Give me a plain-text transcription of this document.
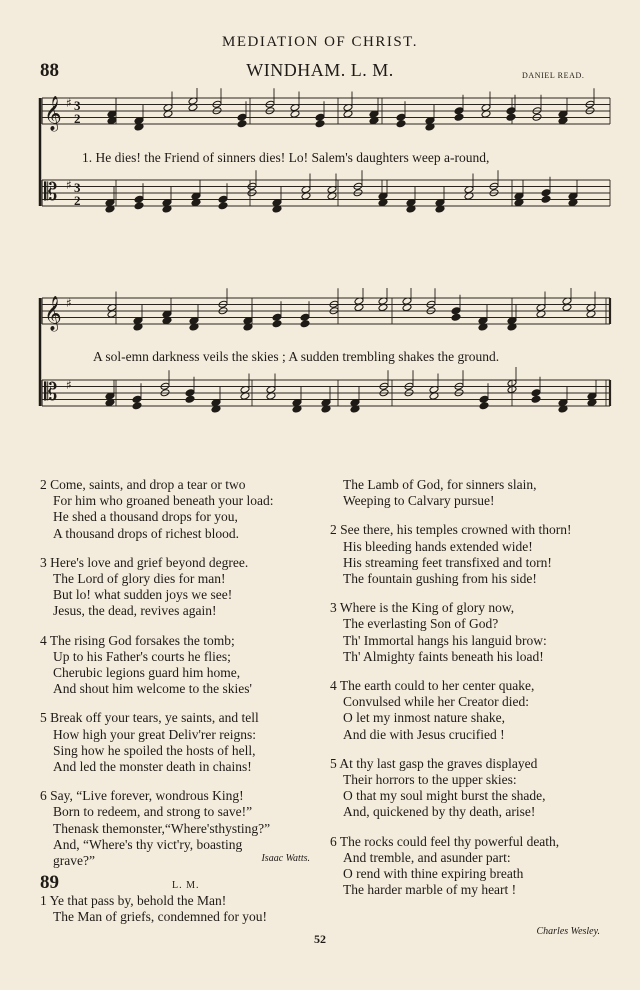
MEDIATION OF CHRIST.
88	WINDHAM. L. M.	DANIEL READ.
𝄞 ♯ 3
2
𝄡 ♯ 3
2
1. He dies! the Friend of sinners dies! Lo! Salem's daughters weep a-round,
𝄞 ♯
𝄡 ♯
A sol-emn darkness veils the skies ; A sudden trembling shakes the ground.
2 Come, saints, and drop a tear or two
For him who groaned beneath your load:
He shed a thousand drops for you,
A thousand drops of richest blood.
3 Here's love and grief beyond degree.
The Lord of glory dies for man!
But lo! what sudden joys we see!
Jesus, the dead, revives again!
4 The rising God forsakes the tomb;
Up to his Father's courts he flies;
Cherubic legions guard him home,
And shout him welcome to the skies'
5 Break off your tears, ye saints, and tell
How high your great Deliv'rer reigns:
Sing how he spoiled the hosts of hell,
And led the monster death in chains!
6 Say, “Live forever, wondrous King!
Born to redeem, and strong to save!”
Thenask themonster,“Where'sthysting?”
And, “Where's thy vict'ry, boasting
grave?”	Isaac Watts.
89	L. M.
1 Ye that pass by, behold the Man!
The Man of griefs, condemned for you!
The Lamb of God, for sinners slain,
Weeping to Calvary pursue!
2 See there, his temples crowned with thorn!
His bleeding hands extended wide!
His streaming feet transfixed and torn!
The fountain gushing from his side!
3 Where is the King of glory now,
The everlasting Son of God?
Th' Immortal hangs his languid brow:
Th' Almighty faints beneath his load!
4 The earth could to her center quake,
Convulsed while her Creator died:
O let my inmost nature shake,
And die with Jesus crucified !
5 At thy last gasp the graves displayed
Their horrors to the upper skies:
O that my soul might burst the shade,
And, quickened by thy death, arise!
6 The rocks could feel thy powerful death,
And tremble, and asunder part:
O rend with thine expiring breath
The harder marble of my heart !
Charles Wesley.
52
